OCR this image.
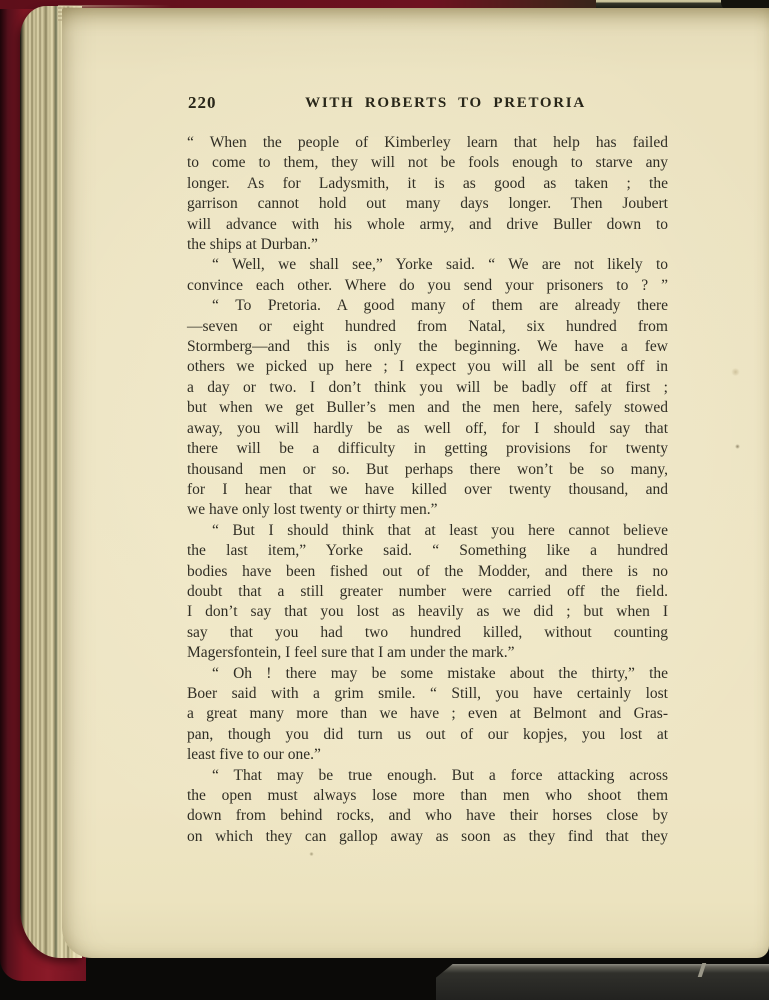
220	WITH ROBERTS TO PRETORIA
“ When the people of Kimberley learn that help has failed
to come to them, they will not be fools enough to starve any
longer. As for Ladysmith, it is as good as taken ; the
garrison cannot hold out many days longer. Then Joubert
will advance with his whole army, and drive Buller down to
the ships at Durban.”
“ Well, we shall see,” Yorke said. “ We are not likely to
convince each other. Where do you send your prisoners to ? ”
“ To Pretoria. A good many of them are already there
—seven or eight hundred from Natal, six hundred from
Stormberg—and this is only the beginning. We have a few
others we picked up here ; I expect you will all be sent off in
a day or two. I don’t think you will be badly off at first ;
but when we get Buller’s men and the men here, safely stowed
away, you will hardly be as well off, for I should say that
there will be a difficulty in getting provisions for twenty
thousand men or so. But perhaps there won’t be so many,
for I hear that we have killed over twenty thousand, and
we have only lost twenty or thirty men.”
“ But I should think that at least you here cannot believe
the last item,” Yorke said. “ Something like a hundred
bodies have been fished out of the Modder, and there is no
doubt that a still greater number were carried off the field.
I don’t say that you lost as heavily as we did ; but when I
say that you had two hundred killed, without counting
Magersfontein, I feel sure that I am under the mark.”
“ Oh ! there may be some mistake about the thirty,” the
Boer said with a grim smile. “ Still, you have certainly lost
a great many more than we have ; even at Belmont and Gras-
pan, though you did turn us out of our kopjes, you lost at
least five to our one.”
“ That may be true enough. But a force attacking across
the open must always lose more than men who shoot them
down from behind rocks, and who have their horses close by
on which they can gallop away as soon as they find that they
